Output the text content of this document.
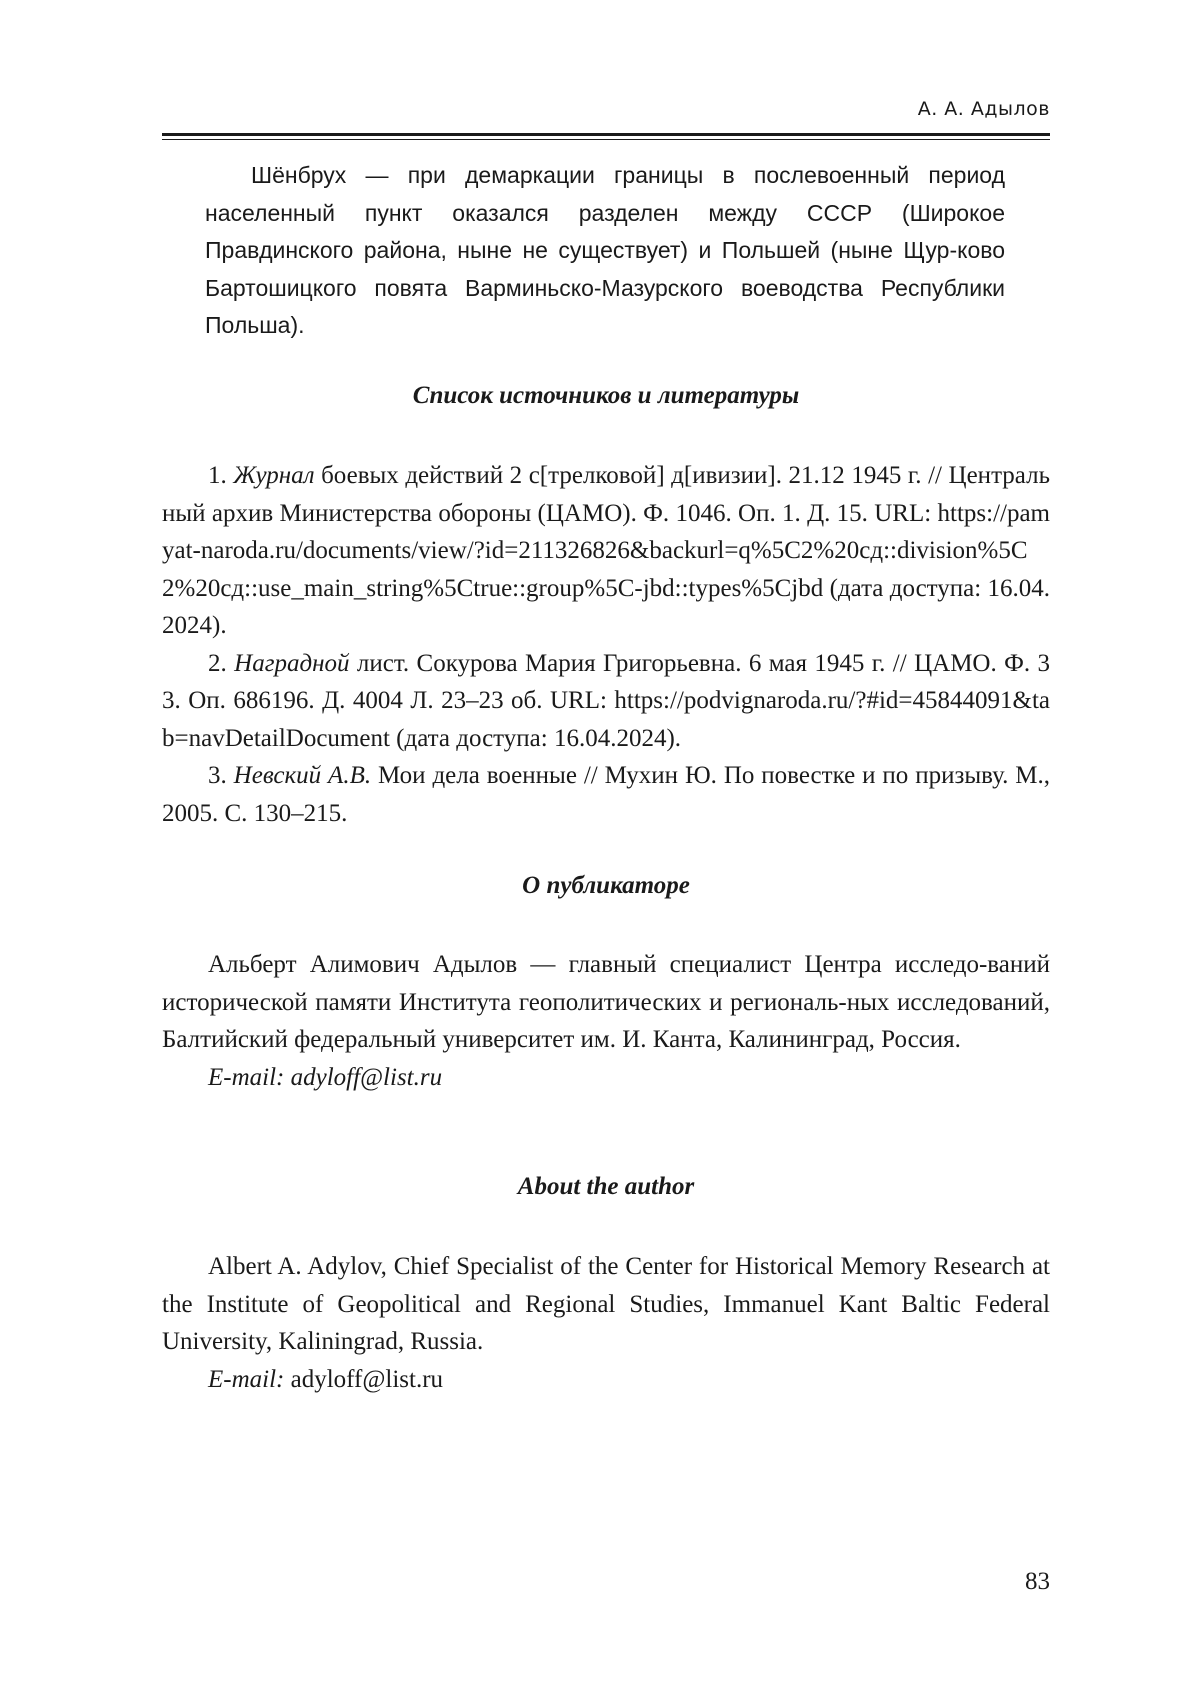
А. А. Адылов

Шёнбрух — при демаркации границы в послевоенный период населенный пункт оказался разделен между СССР (Широкое Правдинского района, ныне не существует) и Польшей (ныне Щур-ково Бартошицкого повята Варминьско-Мазурского воеводства Республики Польша).

Список источников и литературы

1. Журнал боевых действий 2 с[трелковой] д[ивизии]. 21.12 1945 г. // Центральный архив Министерства обороны (ЦАМО). Ф. 1046. Оп. 1. Д. 15. URL: https://pamyat-naroda.ru/documents/view/?id=211326826&backurl=q%5C2%20сд::division%5C2%20сд::use_main_string%5Ctrue::group%5C-jbd::types%5Cjbd (дата доступа: 16.04.2024).

2. Наградной лист. Сокурова Мария Григорьевна. 6 мая 1945 г. // ЦАМО. Ф. 33. Оп. 686196. Д. 4004 Л. 23–23 об. URL: https://podvignaroda.ru/?#id=45844091&tab=navDetailDocument (дата доступа: 16.04.2024).

3. Невский А.В. Мои дела военные // Мухин Ю. По повестке и по призыву. М., 2005. С. 130–215.

О публикаторе

Альберт Алимович Адылов — главный специалист Центра исследо-ваний исторической памяти Института геополитических и региональ-ных исследований, Балтийский федеральный университет им. И. Канта, Калининград, Россия.

E-mail: adyloff@list.ru

About the author

Albert A. Adylov, Chief Specialist of the Center for Historical Memory Research at the Institute of Geopolitical and Regional Studies, Immanuel Kant Baltic Federal University, Kaliningrad, Russia.

E-mail: adyloff@list.ru

83
